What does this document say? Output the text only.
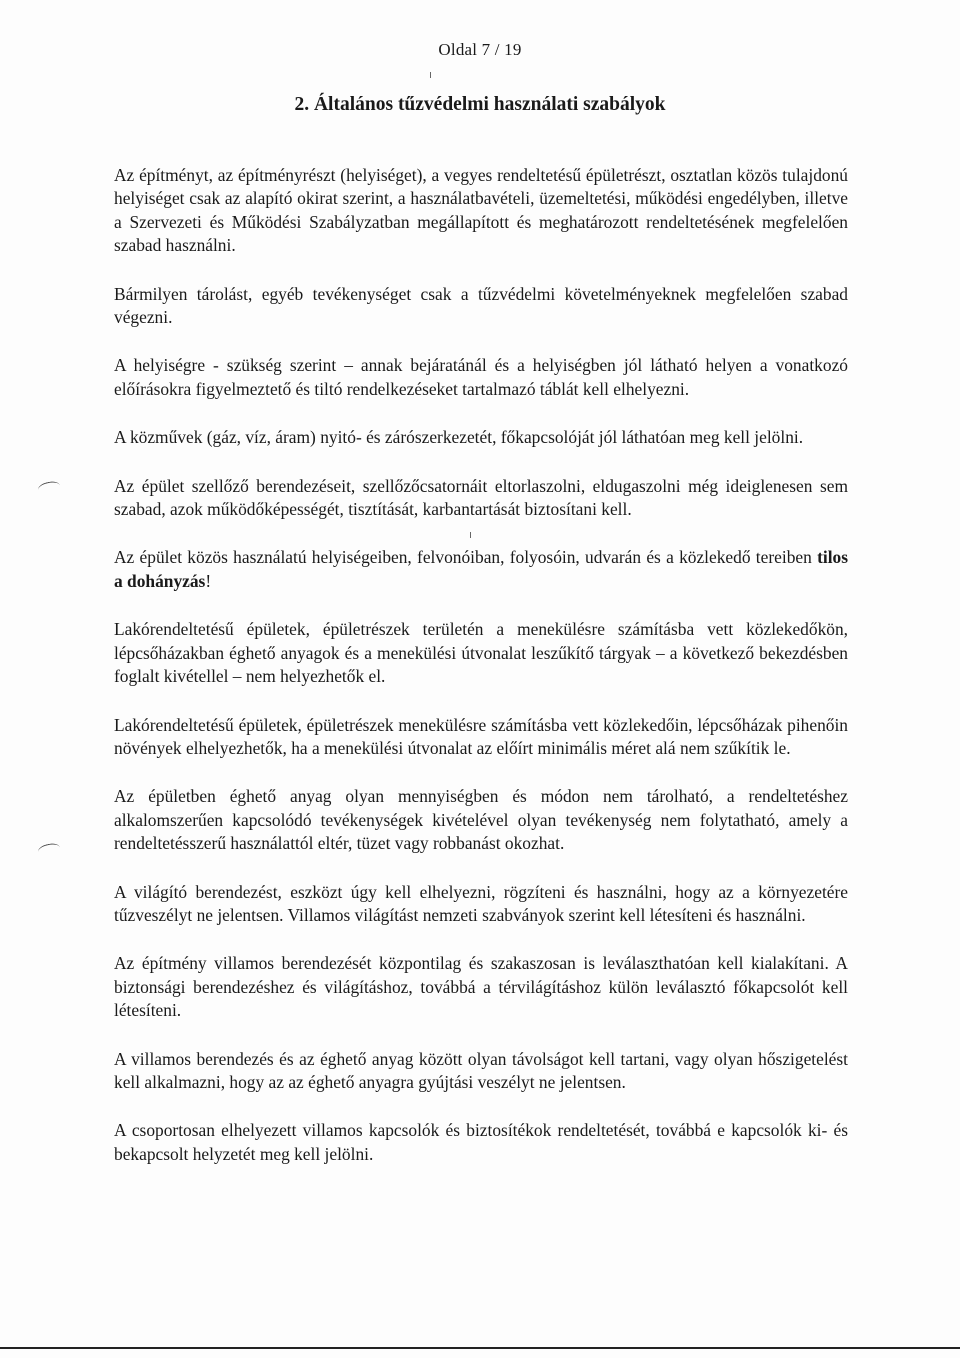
Oldal 7 / 19
2. Általános tűzvédelmi használati szabályok

Az építményt, az építményrészt (helyiséget), a vegyes rendeltetésű épületrészt, osztatlan közös tulajdonú helyiséget csak az alapító okirat szerint, a használatbavételi, üzemeltetési, működési engedélyben, illetve a Szervezeti és Működési Szabályzatban megállapított és meghatározott rendeltetésének megfelelően szabad használni.

Bármilyen tárolást, egyéb tevékenységet csak a tűzvédelmi követelményeknek megfelelően szabad végezni.

A helyiségre - szükség szerint – annak bejáratánál és a helyiségben jól látható helyen a vonatkozó előírásokra figyelmeztető és tiltó rendelkezéseket tartalmazó táblát kell elhelyezni.

A közművek (gáz, víz, áram) nyitó- és zárószerkezetét, főkapcsolóját jól láthatóan meg kell jelölni.

Az épület szellőző berendezéseit, szellőzőcsatornáit eltorlaszolni, eldugaszolni még ideiglenesen sem szabad, azok működőképességét, tisztítását, karbantartását biztosítani kell.

Az épület közös használatú helyiségeiben, felvonóiban, folyosóin, udvarán és a közlekedő tereiben tilos a dohányzás!

Lakórendeltetésű épületek, épületrészek területén a menekülésre számításba vett közlekedőkön, lépcsőházakban éghető anyagok és a menekülési útvonalat leszűkítő tárgyak – a következő bekezdésben foglalt kivétellel – nem helyezhetők el.

Lakórendeltetésű épületek, épületrészek menekülésre számításba vett közlekedőin, lépcsőházak pihenőin növények elhelyezhetők, ha a menekülési útvonalat az előírt minimális méret alá nem szűkítik le.

Az épületben éghető anyag olyan mennyiségben és módon nem tárolható, a rendeltetéshez alkalomszerűen kapcsolódó tevékenységek kivételével olyan tevékenység nem folytatható, amely a rendeltetésszerű használattól eltér, tüzet vagy robbanást okozhat.

A világító berendezést, eszközt úgy kell elhelyezni, rögzíteni és használni, hogy az a környezetére tűzveszélyt ne jelentsen. Villamos világítást nemzeti szabványok szerint kell létesíteni és használni.

Az építmény villamos berendezését központilag és szakaszosan is leválaszthatóan kell kialakítani. A biztonsági berendezéshez és világításhoz, továbbá a térvilágításhoz külön leválasztó főkapcsolót kell létesíteni.

A villamos berendezés és az éghető anyag között olyan távolságot kell tartani, vagy olyan hőszigetelést kell alkalmazni, hogy az az éghető anyagra gyújtási veszélyt ne jelentsen.

A csoportosan elhelyezett villamos kapcsolók és biztosítékok rendeltetését, továbbá e kapcsolók ki- és bekapcsolt helyzetét meg kell jelölni.
